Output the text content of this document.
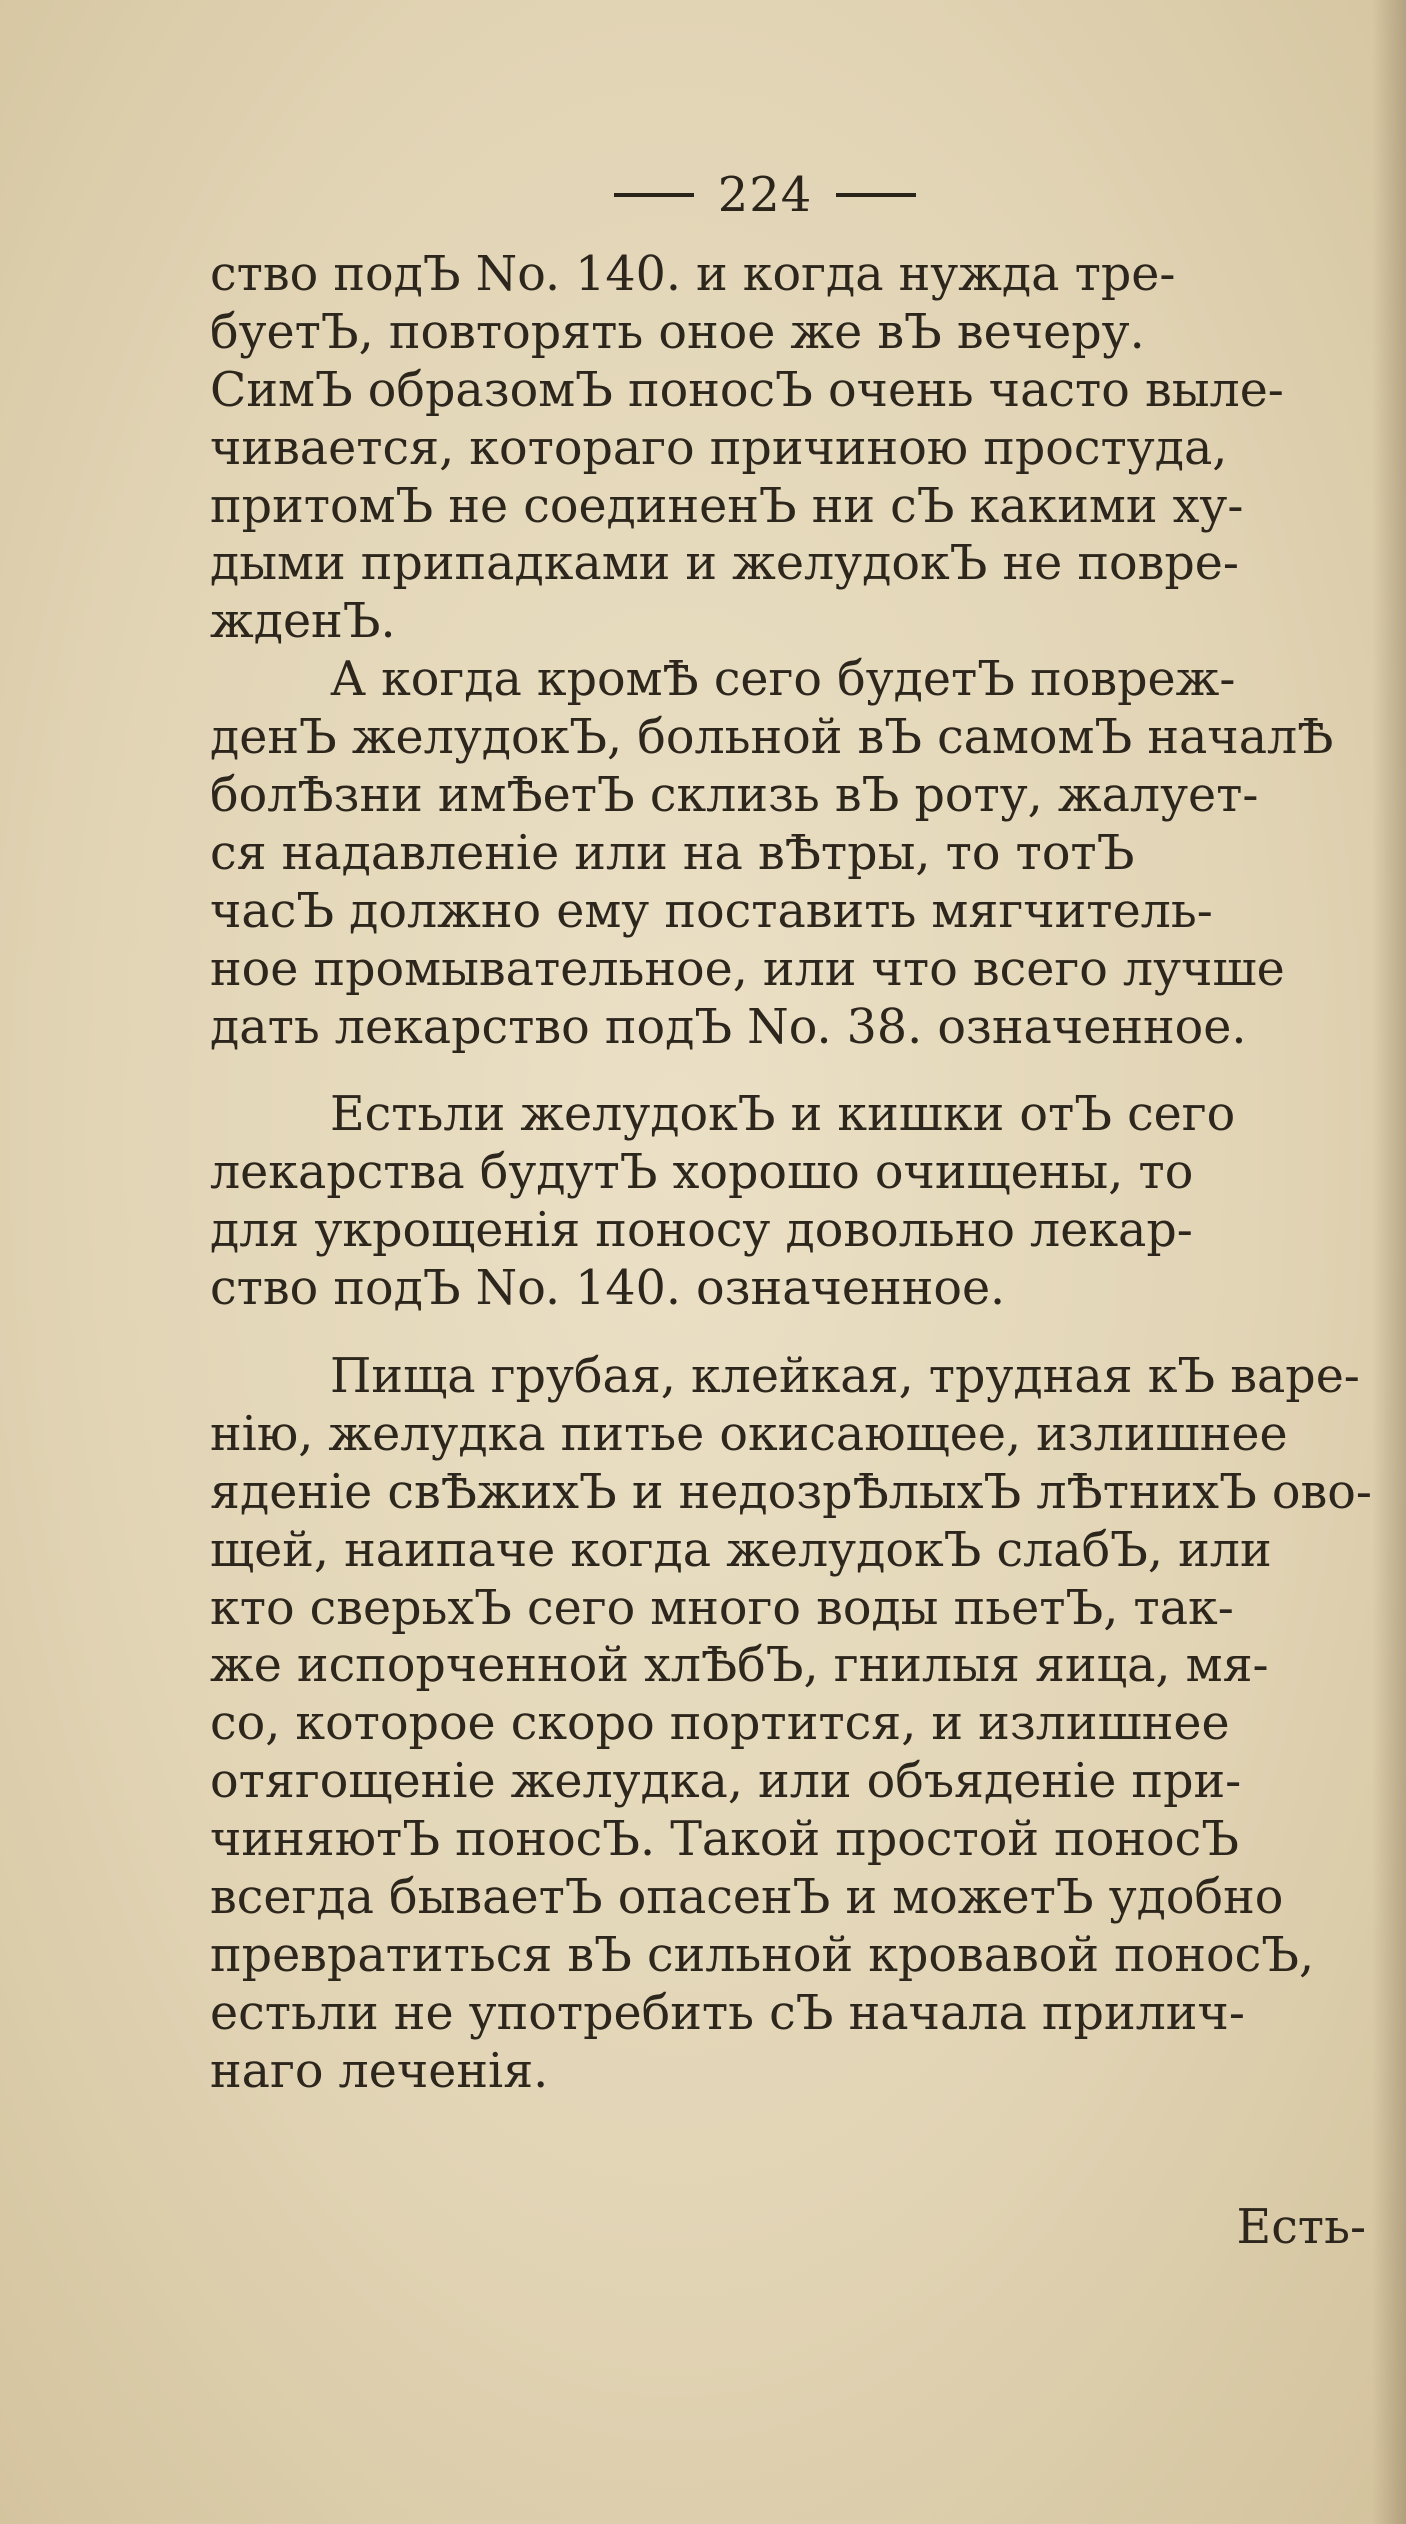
224
ство подЪ No. 140. и когда нужда тре-
буетЪ, повторять оное же вЪ вечеру.
СимЪ образомЪ поносЪ очень часто выле-
чивается, котораго причиною простуда,
притомЪ не соединенЪ ни сЪ какими ху-
дыми припадками и желудокЪ не повре-
жденЪ.
А когда кромѢ сего будетЪ повреж-
денЪ желудокЪ, больной вЪ самомЪ началѢ
болѢзни имѢетЪ склизь вЪ роту, жалует-
ся надавленіе или на вѢтры, то тотЪ
часЪ должно ему поставить мягчитель-
ное промывательное, или что всего лучше
дать лекарство подЪ No. 38. означенное.
Естьли желудокЪ и кишки отЪ сего
лекарства будутЪ хорошо очищены, то
для укрощенія поносу довольно лекар-
ство подЪ No. 140. означенное.
Пища грубая, клейкая, трудная кЪ варе-
нію, желудка питье окисающее, излишнее
яденіе свѢжихЪ и недозрѢлыхЪ лѢтнихЪ ово-
щей, наипаче когда желудокЪ слабЪ, или
кто сверьхЪ сего много воды пьетЪ, так-
же испорченной хлѢбЪ, гнилыя яица, мя-
со, которое скоро портится, и излишнее
отягощеніе желудка, или объяденіе при-
чиняютЪ поносЪ. Такой простой поносЪ
всегда бываетЪ опасенЪ и можетЪ удобно
превратиться вЪ сильной кровавой поносЪ,
естьли не употребить сЪ начала прилич-
наго леченія.
Есть-
